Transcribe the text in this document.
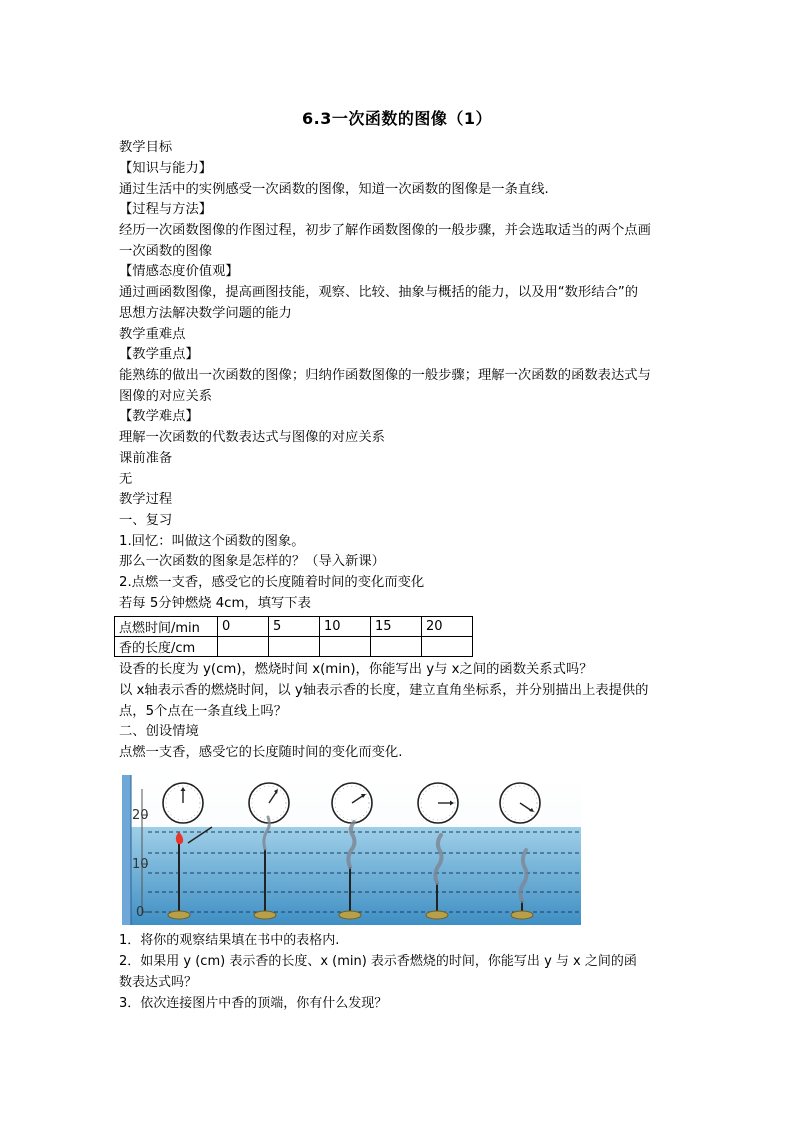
6.3一次函数的图像（1）
教学目标
【知识与能力】
通过生活中的实例感受一次函数的图像，知道一次函数的图像是一条直线.
【过程与方法】
经历一次函数图像的作图过程，初步了解作函数图像的一般步骤，并会选取适当的两个点画
一次函数的图像
【情感态度价值观】
通过画函数图像，提高画图技能，观察、比较、抽象与概括的能力，以及用“数形结合”的
思想方法解决数学问题的能力
教学重难点
【教学重点】
能熟练的做出一次函数的图像；归纳作函数图像的一般步骤；理解一次函数的函数表达式与
图像的对应关系
【教学难点】
理解一次函数的代数表达式与图像的对应关系
课前准备
无
教学过程
一、复习
1.回忆：叫做这个函数的图象。
那么一次函数的图象是怎样的？（导入新课）
2.点燃一支香，感受它的长度随着时间的变化而变化
若每 5分钟燃烧 4cm，填写下表
点燃时间/min	0	5	10	15	20
香的长度/cm					
设香的长度为 y(cm)，燃烧时间 x(min)，你能写出 y与 x之间的函数关系式吗？
以 x轴表示香的燃烧时间，以 y轴表示香的长度，建立直角坐标系，并分别描出上表提供的
点，5个点在一条直线上吗？
二、创设情境
点燃一支香，感受它的长度随时间的变化而变化.
20
10
0
1．将你的观察结果填在书中的表格内.
2．如果用 y (cm) 表示香的长度、x (min) 表示香燃烧的时间，你能写出 y 与 x 之间的函
数表达式吗？
3．依次连接图片中香的顶端，你有什么发现？
